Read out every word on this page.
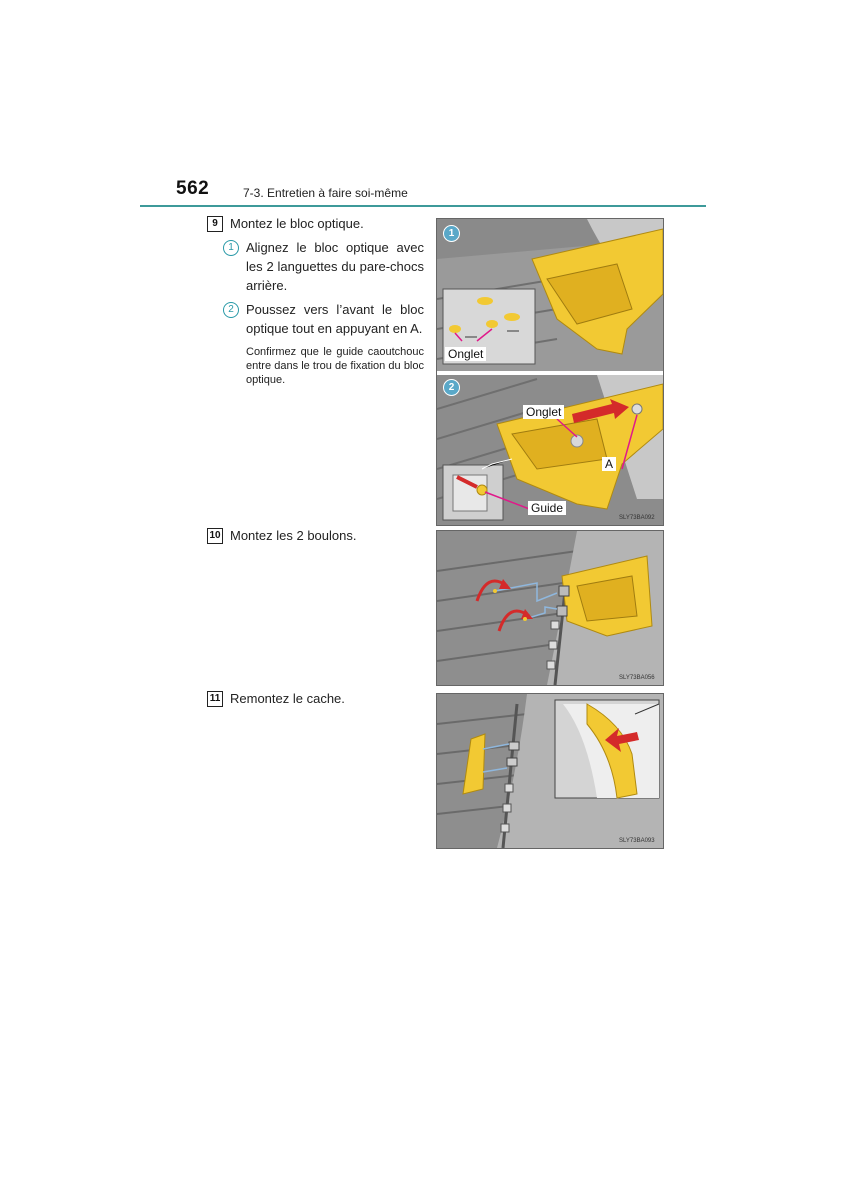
562	7-3. Entretien à faire soi-même
9 Montez le bloc optique.
1 Alignez le bloc optique avec les 2 languettes du pare-chocs arrière.
2 Poussez vers l’avant le bloc optique tout en appuyant en A.
Confirmez que le guide caoutchouc entre dans le trou de fixation du bloc optique.
1
Onglet
2
Onglet
A
Guide
SLY73BA092
10 Montez les 2 boulons.
SLY73BA056
11 Remontez le cache.
SLY73BA093
